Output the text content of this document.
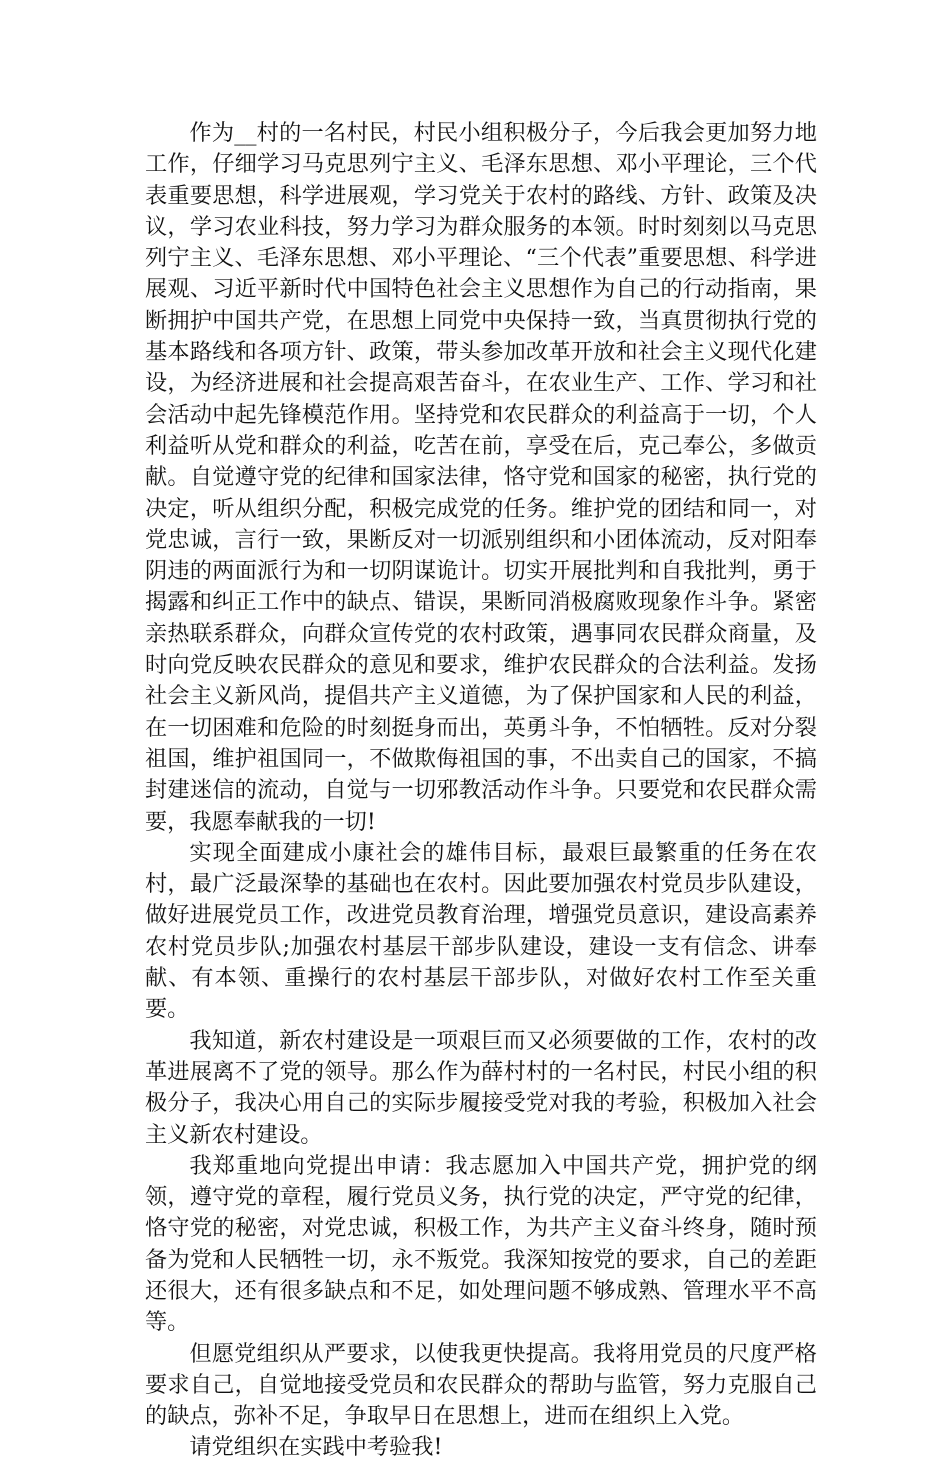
作为__村的一名村民，村民小组积极分子，今后我会更加努力地工作，仔细学习马克思列宁主义、毛泽东思想、邓小平理论，三个代表重要思想，科学进展观，学习党关于农村的路线、方针、政策及决议，学习农业科技，努力学习为群众服务的本领。时时刻刻以马克思列宁主义、毛泽东思想、邓小平理论、“三个代表”重要思想、科学进展观、习近平新时代中国特色社会主义思想作为自己的行动指南，果断拥护中国共产党，在思想上同党中央保持一致，当真贯彻执行党的基本路线和各项方针、政策，带头参加改革开放和社会主义现代化建设，为经济进展和社会提高艰苦奋斗，在农业生产、工作、学习和社会活动中起先锋模范作用。坚持党和农民群众的利益高于一切，个人利益听从党和群众的利益，吃苦在前，享受在后，克己奉公，多做贡献。自觉遵守党的纪律和国家法律，恪守党和国家的秘密，执行党的决定，听从组织分配，积极完成党的任务。维护党的团结和同一，对党忠诚，言行一致，果断反对一切派别组织和小团体流动，反对阳奉阴违的两面派行为和一切阴谋诡计。切实开展批判和自我批判，勇于揭露和纠正工作中的缺点、错误，果断同消极腐败现象作斗争。紧密亲热联系群众，向群众宣传党的农村政策，遇事同农民群众商量，及时向党反映农民群众的意见和要求，维护农民群众的合法利益。发扬社会主义新风尚，提倡共产主义道德，为了保护国家和人民的利益，在一切困难和危险的时刻挺身而出，英勇斗争，不怕牺牲。反对分裂祖国，维护祖国同一，不做欺侮祖国的事，不出卖自己的国家，不搞封建迷信的流动，自觉与一切邪教活动作斗争。只要党和农民群众需要，我愿奉献我的一切!

实现全面建成小康社会的雄伟目标，最艰巨最繁重的任务在农村，最广泛最深挚的基础也在农村。因此要加强农村党员步队建设，做好进展党员工作，改进党员教育治理，增强党员意识，建设高素养农村党员步队;加强农村基层干部步队建设，建设一支有信念、讲奉献、有本领、重操行的农村基层干部步队，对做好农村工作至关重要。

我知道，新农村建设是一项艰巨而又必须要做的工作，农村的改革进展离不了党的领导。那么作为薛村村的一名村民，村民小组的积极分子，我决心用自己的实际步履接受党对我的考验，积极加入社会主义新农村建设。

我郑重地向党提出申请：我志愿加入中国共产党，拥护党的纲领，遵守党的章程，履行党员义务，执行党的决定，严守党的纪律，恪守党的秘密，对党忠诚，积极工作，为共产主义奋斗终身，随时预备为党和人民牺牲一切，永不叛党。我深知按党的要求，自己的差距还很大，还有很多缺点和不足，如处理问题不够成熟、管理水平不高等。

但愿党组织从严要求，以使我更快提高。我将用党员的尺度严格要求自己，自觉地接受党员和农民群众的帮助与监管，努力克服自己的缺点，弥补不足，争取早日在思想上，进而在组织上入党。

请党组织在实践中考验我!
